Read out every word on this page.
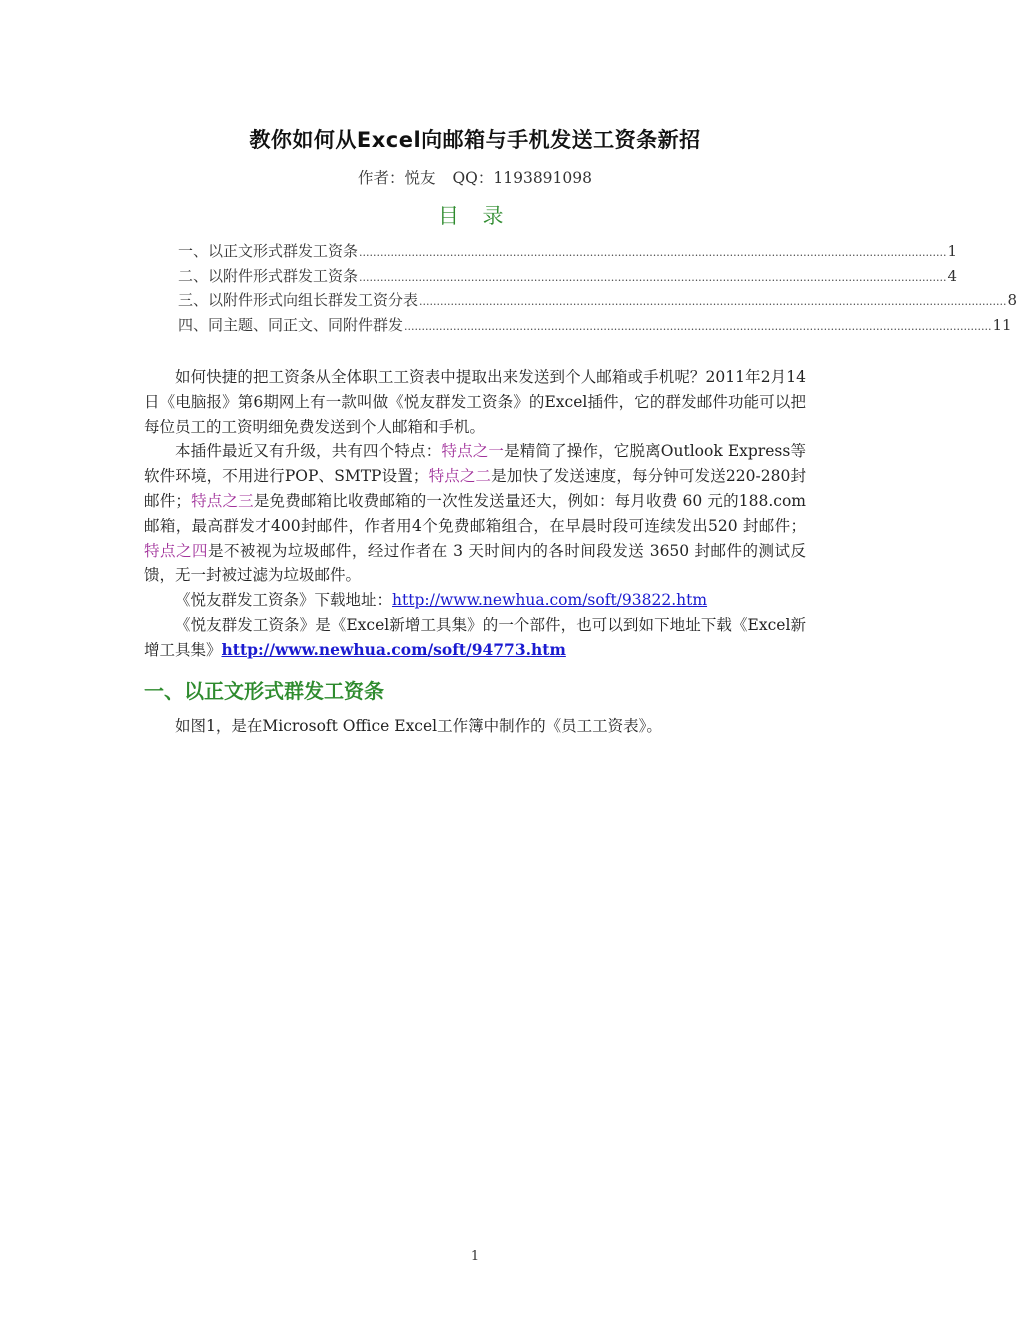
教你如何从Excel向邮箱与手机发送工资条新招
作者：悦友 QQ：1193891098
目 录
一、以正文形式群发工资条 ........................................................................................................................................................................ 1
二、以附件形式群发工资条 ........................................................................................................................................................................ 4
三、以附件形式向组长群发工资分表 ........................................................................................................................................................................ 8
四、同主题、同正文、同附件群发 ........................................................................................................................................................................ 11

如何快捷的把工资条从全体职工工资表中提取出来发送到个人邮箱或手机呢？2011年2月14日《电脑报》第6期网上有一款叫做《悦友群发工资条》的Excel插件，它的群发邮件功能可以把每位员工的工资明细免费发送到个人邮箱和手机。

本插件最近又有升级，共有四个特点：特点之一是精简了操作，它脱离Outlook Express等软件环境，不用进行POP、SMTP设置；特点之二是加快了发送速度，每分钟可发送220-280封邮件；特点之三是免费邮箱比收费邮箱的一次性发送量还大，例如：每月收费 60 元的188.com邮箱，最高群发才400封邮件，作者用4个免费邮箱组合，在早晨时段可连续发出520 封邮件；特点之四是不被视为垃圾邮件，经过作者在 3 天时间内的各时间段发送 3650 封邮件的测试反馈，无一封被过滤为垃圾邮件。

《悦友群发工资条》下载地址：http://www.newhua.com/soft/93822.htm

《悦友群发工资条》是《Excel新增工具集》的一个部件，也可以到如下地址下载《Excel新增工具集》http://www.newhua.com/soft/94773.htm

一、以正文形式群发工资条

如图1，是在Microsoft Office Excel工作簿中制作的《员工工资表》。

1
